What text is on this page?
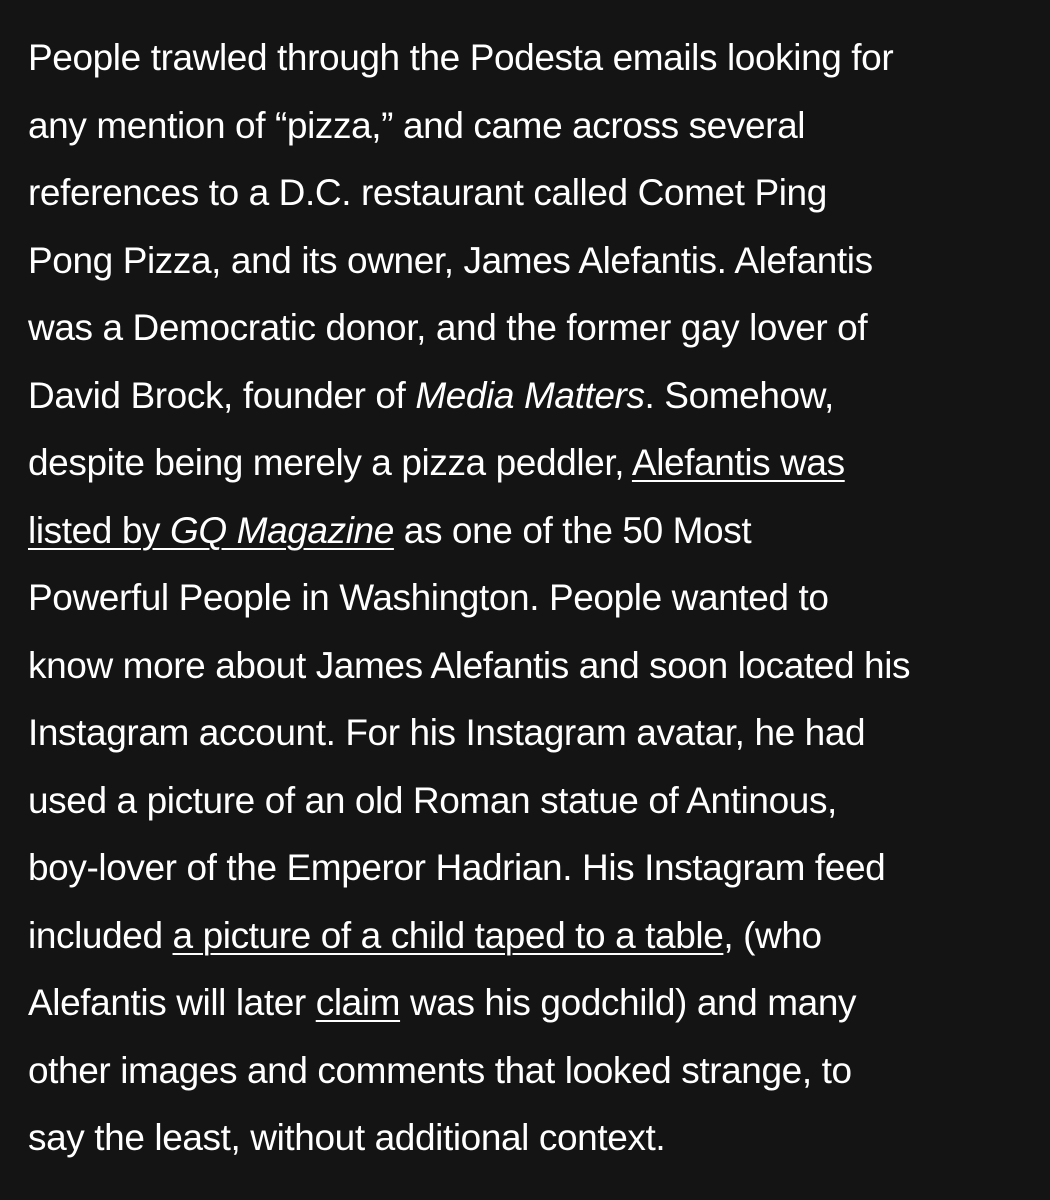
People trawled through the Podesta emails looking for
any mention of “pizza,” and came across several
references to a D.C. restaurant called Comet Ping
Pong Pizza, and its owner, James Alefantis. Alefantis
was a Democratic donor, and the former gay lover of
David Brock, founder of Media Matters. Somehow,
despite being merely a pizza peddler, Alefantis was
listed by GQ Magazine as one of the 50 Most
Powerful People in Washington. People wanted to
know more about James Alefantis and soon located his
Instagram account. For his Instagram avatar, he had
used a picture of an old Roman statue of Antinous,
boy-lover of the Emperor Hadrian. His Instagram feed
included a picture of a child taped to a table, (who
Alefantis will later claim was his godchild) and many
other images and comments that looked strange, to
say the least, without additional context.
